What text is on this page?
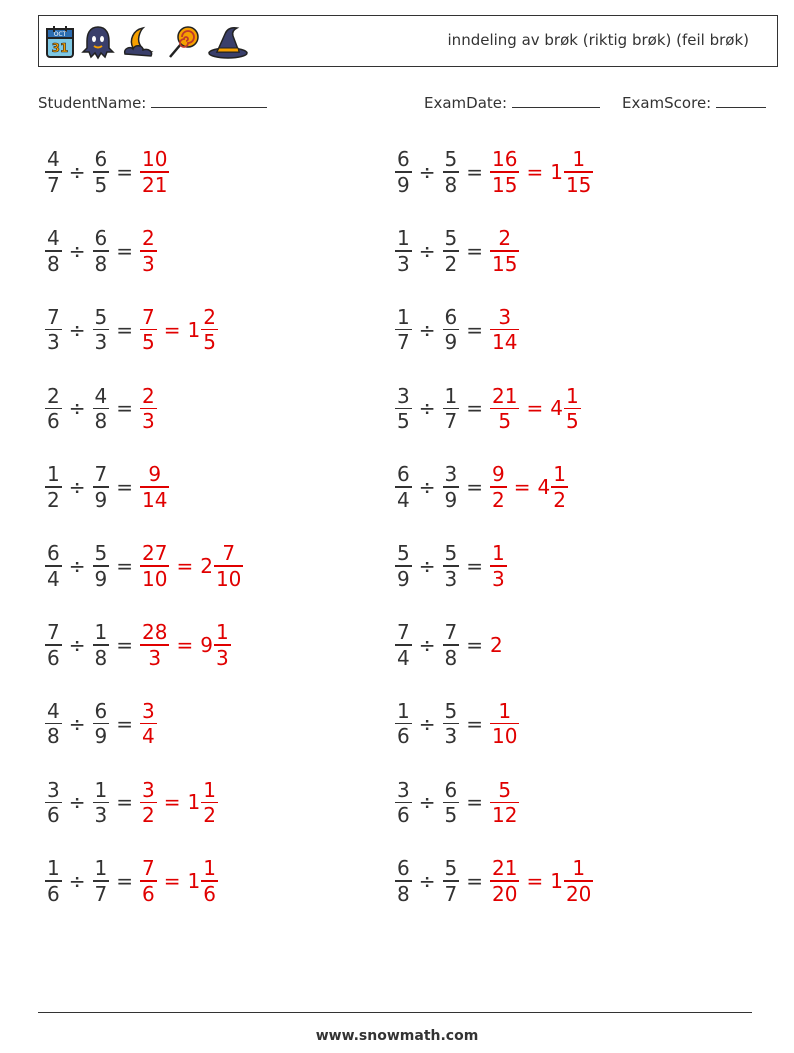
OCT
31	inndeling av brøk (riktig brøk) (feil brøk)
StudentName:	ExamDate:	ExamScore:
$\frac{4}{7} \div \frac{6}{5} = \frac{10}{21}$	$\frac{6}{9} \div \frac{5}{8} = \frac{16}{15} = 1 \frac{1}{15}$
$\frac{4}{8} \div \frac{6}{8} = \frac{2}{3}$	$\frac{1}{3} \div \frac{5}{2} = \frac{2}{15}$
$\frac{7}{3} \div \frac{5}{3} = \frac{7}{5} = 1 \frac{2}{5}$	$\frac{1}{7} \div \frac{6}{9} = \frac{3}{14}$
$\frac{2}{6} \div \frac{4}{8} = \frac{2}{3}$	$\frac{3}{5} \div \frac{1}{7} = \frac{21}{5} = 4 \frac{1}{5}$
$\frac{1}{2} \div \frac{7}{9} = \frac{9}{14}$	$\frac{6}{4} \div \frac{3}{9} = \frac{9}{2} = 4 \frac{1}{2}$
$\frac{6}{4} \div \frac{5}{9} = \frac{27}{10} = 2 \frac{7}{10}$	$\frac{5}{9} \div \frac{5}{3} = \frac{1}{3}$
$\frac{7}{6} \div \frac{1}{8} = \frac{28}{3} = 9 \frac{1}{3}$	$\frac{7}{4} \div \frac{7}{8} = 2$
$\frac{4}{8} \div \frac{6}{9} = \frac{3}{4}$	$\frac{1}{6} \div \frac{5}{3} = \frac{1}{10}$
$\frac{3}{6} \div \frac{1}{3} = \frac{3}{2} = 1 \frac{1}{2}$	$\frac{3}{6} \div \frac{6}{5} = \frac{5}{12}$
$\frac{1}{6} \div \frac{1}{7} = \frac{7}{6} = 1 \frac{1}{6}$	$\frac{6}{8} \div \frac{5}{7} = \frac{21}{20} = 1 \frac{1}{20}$
www.snowmath.com
